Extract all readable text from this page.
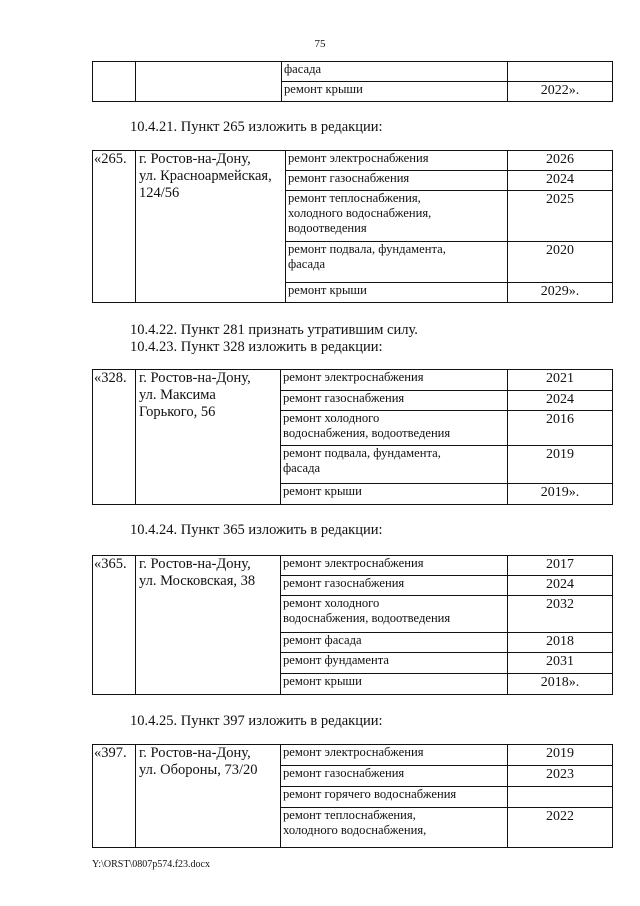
75
		фасада	
		ремонт крыши	2022».
10.4.21. Пункт 265 изложить в редакции:
«265.	г. Ростов-на-Дону,
ул. Красноармейская,
124/56	ремонт электроснабжения	2026

		ремонт газоснабжения	2024

		ремонт теплоснабжения,
холодного водоснабжения,
водоотведения	2025

		ремонт подвала, фундамента,
фасада	2020

		ремонт крыши	2029».
10.4.22. Пункт 281 признать утратившим силу.
10.4.23. Пункт 328 изложить в редакции:
«328.	г. Ростов-на-Дону,
ул. Максима
Горького, 56	ремонт электроснабжения	2021

		ремонт газоснабжения	2024

		ремонт холодного
водоснабжения, водоотведения	2016

		ремонт подвала, фундамента,
фасада	2019

		ремонт крыши	2019».
10.4.24. Пункт 365 изложить в редакции:
«365.	г. Ростов-на-Дону,
ул. Московская, 38	ремонт электроснабжения	2017

		ремонт газоснабжения	2024

		ремонт холодного
водоснабжения, водоотведения	2032

		ремонт фасада	2018

		ремонт фундамента	2031

		ремонт крыши	2018».
10.4.25. Пункт 397 изложить в редакции:
«397.	г. Ростов-на-Дону,
ул. Обороны, 73/20	ремонт электроснабжения	2019

		ремонт газоснабжения	2023

		ремонт горячего водоснабжения	

		ремонт теплоснабжения,
холодного водоснабжения,	2022
Y:\ORST\0807p574.f23.docx
